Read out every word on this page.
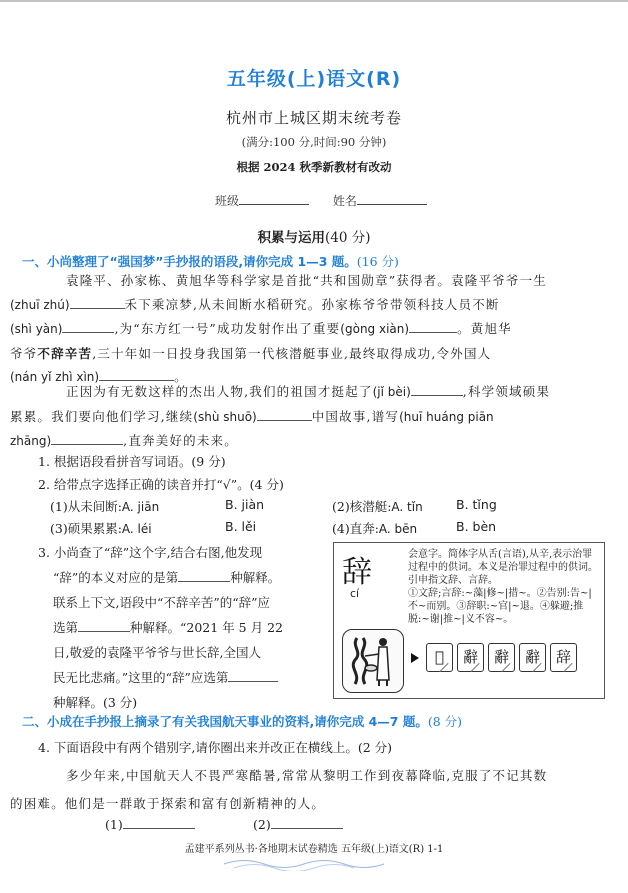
五年级(上)语文(R)
杭州市上城区期末统考卷
(满分:100 分,时间:90 分钟)
根据 2024 秋季新教材有改动
班级	姓名
积累与运用(40 分)
一、小尚整理了“强国梦”手抄报的语段,请你完成 1—3 题。(16 分)
袁隆平、孙家栋、黄旭华等科学家是首批“共和国勋章”获得者。袁隆平爷爷一生
(zhuī zhú)	禾下乘凉梦,从未间断水稻研究。孙家栋爷爷带领科技人员不断
(shì yàn)	,为“东方红一号”成功发射作出了重要(gòng xiàn)	。黄旭华
爷爷不辞辛苦,三十年如一日投身我国第一代核潜艇事业,最终取得成功,令外国人
(nán yǐ zhì xìn)	。
正因为有无数这样的杰出人物,我们的祖国才挺起了(jǐ bèi)	,科学领域硕果
累累。我们要向他们学习,继续(shù shuō)	中国故事,谱写(huī huáng piān
zhāng)	,直奔美好的未来。
1. 根据语段看拼音写词语。(9 分)
2. 给带点字选择正确的读音并打“√”。(4 分)
(1)从未间断:A. jiān	B. jiàn	(2)核潜艇:A. tǐn	B. tǐng
(3)硕果累累:A. léi	B. lěi	(4)直奔:A. bēn	B. bèn
3. 小尚查了“辞”这个字,结合右图,他发现

“辞”的本义对应的是第	种解释。
联系上下文,语段中“不辞辛苦”的“辞”应
选第	种解释。“2021 年 5 月 22
日,敬爱的袁隆平爷爷与世长辞,全国人
民无比悲痛。”这里的“辞”应选第
种解释。(3 分)
辞
cí
会意字。简体字从舌(言语),从辛,表示治罪过程中的供词。本义是治罪过程中的供词。引申指文辞、言辞。
①文辞;言辞:~藻|修~|措~。②告别:告~|不~而别。③辞职:~官|~退。④躲避;推脱:~谢|推~|义不容~。
𤕫	辭	辭	辭	辞
二、小成在手抄报上摘录了有关我国航天事业的资料,请你完成 4—7 题。(8 分)
4. 下面语段中有两个错别字,请你圈出来并改正在横线上。(2 分)
多少年来,中国航天人不畏严寒酷暑,常常从黎明工作到夜幕降临,克服了不记其数
的困难。他们是一群敢于探索和富有创新精神的人。
(1)	(2)
孟建平系列丛书·各地期末试卷精选 五年级(上)语文(R) 1-1
